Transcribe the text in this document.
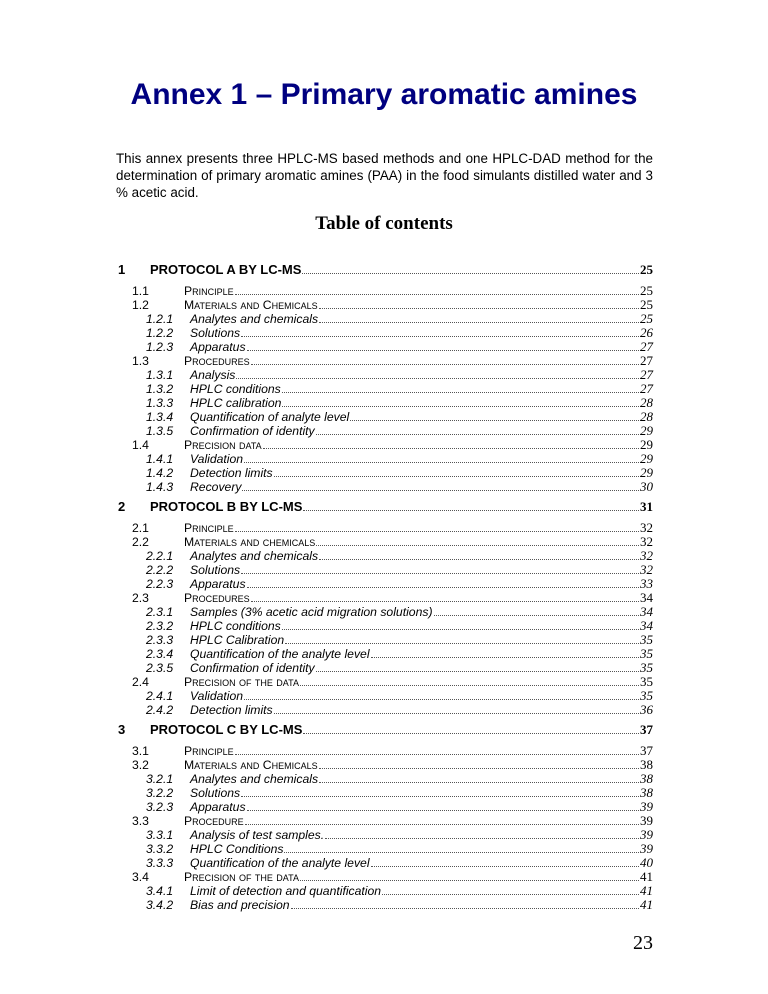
Annex 1 – Primary aromatic amines

This annex presents three HPLC-MS based methods and one HPLC-DAD method for the determination of primary aromatic amines (PAA) in the food simulants distilled water and 3 % acetic acid.

Table of contents
1	PROTOCOL A BY LC-MS	25
1.1	Principle	25
1.2	Materials and Chemicals	25
1.2.1	Analytes and chemicals	25
1.2.2	Solutions	26
1.2.3	Apparatus	27
1.3	Procedures	27
1.3.1	Analysis	27
1.3.2	HPLC conditions	27
1.3.3	HPLC calibration	28
1.3.4	Quantification of analyte level	28
1.3.5	Confirmation of identity	29
1.4	Precision data	29
1.4.1	Validation	29
1.4.2	Detection limits	29
1.4.3	Recovery	30
2	PROTOCOL B BY LC-MS	31
2.1	Principle	32
2.2	Materials and chemicals	32
2.2.1	Analytes and chemicals	32
2.2.2	Solutions	32
2.2.3	Apparatus	33
2.3	Procedures	34
2.3.1	Samples (3% acetic acid migration solutions)	34
2.3.2	HPLC conditions	34
2.3.3	HPLC Calibration	35
2.3.4	Quantification of the analyte level	35
2.3.5	Confirmation of identity	35
2.4	Precision of the data	35
2.4.1	Validation	35
2.4.2	Detection limits	36
3	PROTOCOL C BY LC-MS	37
3.1	Principle	37
3.2	Materials and Chemicals	38
3.2.1	Analytes and chemicals	38
3.2.2	Solutions	38
3.2.3	Apparatus	39
3.3	Procedure	39
3.3.1	Analysis of test samples.	39
3.3.2	HPLC Conditions	39
3.3.3	Quantification of the analyte level	40
3.4	Precision of the data	41
3.4.1	Limit of detection and quantification	41
3.4.2	Bias and precision	41

23
